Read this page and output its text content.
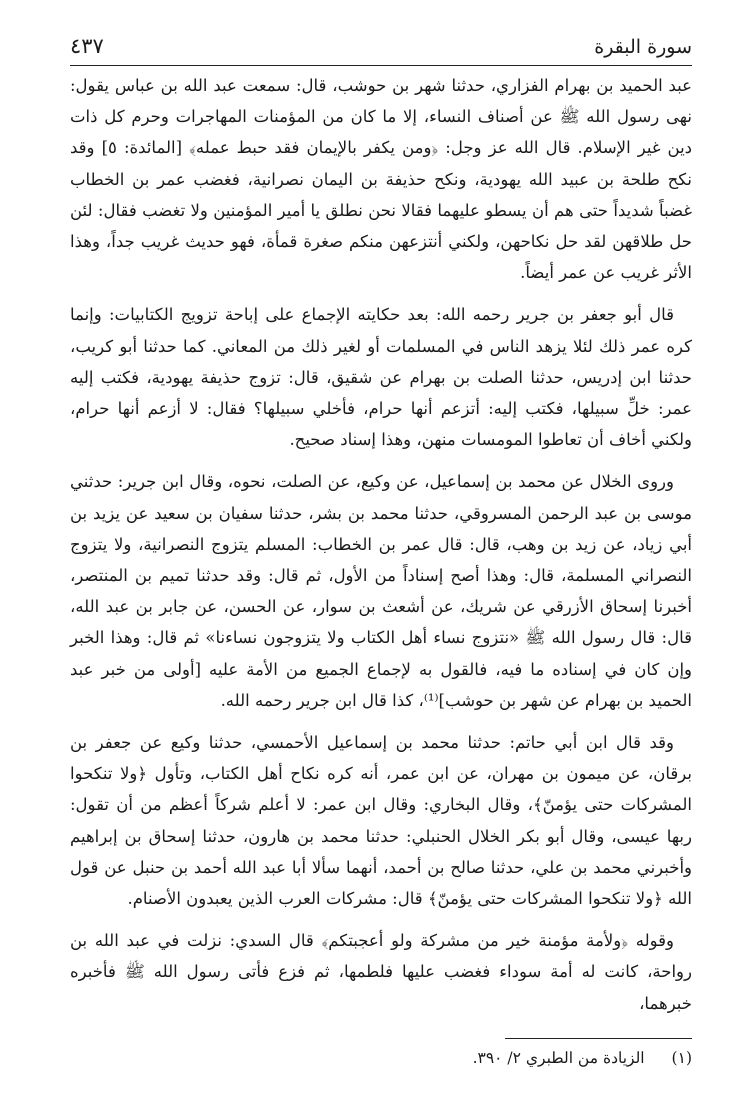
سورة البقرة
٤٣٧

عبد الحميد بن بهرام الفزاري، حدثنا شهر بن حوشب، قال: سمعت عبد الله بن عباس يقول: نهى رسول الله ﷺ عن أصناف النساء، إلا ما كان من المؤمنات المهاجرات وحرم كل ذات دين غير الإسلام. قال الله عز وجل: ﴿ومن يكفر بالإيمان فقد حبط عمله﴾ [المائدة: ٥] وقد نكح طلحة بن عبيد الله يهودية، ونكح حذيفة بن اليمان نصرانية، فغضب عمر بن الخطاب غضباً شديداً حتى هم أن يسطو عليهما فقالا نحن نطلق يا أمير المؤمنين ولا تغضب فقال: لئن حل طلاقهن لقد حل نكاحهن، ولكني أنتزعهن منكم صغرة قمأة، فهو حديث غريب جداً، وهذا الأثر غريب عن عمر أيضاً.

قال أبو جعفر بن جرير رحمه الله: بعد حكايته الإجماع على إباحة تزويج الكتابيات: وإنما كره عمر ذلك لئلا يزهد الناس في المسلمات أو لغير ذلك من المعاني. كما حدثنا أبو كريب، حدثنا ابن إدريس، حدثنا الصلت بن بهرام عن شقيق، قال: تزوج حذيفة يهودية، فكتب إليه عمر: خلِّ سبيلها، فكتب إليه: أتزعم أنها حرام، فأخلي سبيلها؟ فقال: لا أزعم أنها حرام، ولكني أخاف أن تعاطوا المومسات منهن، وهذا إسناد صحيح.

وروى الخلال عن محمد بن إسماعيل، عن وكيع، عن الصلت، نحوه، وقال ابن جرير: حدثني موسى بن عبد الرحمن المسروقي، حدثنا محمد بن بشر، حدثنا سفيان بن سعيد عن يزيد بن أبي زياد، عن زيد بن وهب، قال: قال عمر بن الخطاب: المسلم يتزوج النصرانية، ولا يتزوج النصراني المسلمة، قال: وهذا أصح إسناداً من الأول، ثم قال: وقد حدثنا تميم بن المنتصر، أخبرنا إسحاق الأزرقي عن شريك، عن أشعث بن سوار، عن الحسن، عن جابر بن عبد الله، قال: قال رسول الله ﷺ «نتزوج نساء أهل الكتاب ولا يتزوجون نساءنا» ثم قال: وهذا الخبر وإن كان في إسناده ما فيه، فالقول به لإجماع الجميع من الأمة عليه [أولى من خبر عبد الحميد بن بهرام عن شهر بن حوشب]⁽¹⁾، كذا قال ابن جرير رحمه الله.

وقد قال ابن أبي حاتم: حدثنا محمد بن إسماعيل الأحمسي، حدثنا وكيع عن جعفر بن برقان، عن ميمون بن مهران، عن ابن عمر، أنه كره نكاح أهل الكتاب، وتأول ﴿ولا تنكحوا المشركات حتى يؤمنّ﴾، وقال البخاري: وقال ابن عمر: لا أعلم شركاً أعظم من أن تقول: ربها عيسى، وقال أبو بكر الخلال الحنبلي: حدثنا محمد بن هارون، حدثنا إسحاق بن إبراهيم وأخبرني محمد بن علي، حدثنا صالح بن أحمد، أنهما سألا أبا عبد الله أحمد بن حنبل عن قول الله ﴿ولا تنكحوا المشركات حتى يؤمنّ﴾ قال: مشركات العرب الذين يعبدون الأصنام.

وقوله ﴿ولأمة مؤمنة خير من مشركة ولو أعجبتكم﴾ قال السدي: نزلت في عبد الله بن رواحة، كانت له أمة سوداء فغضب عليها فلطمها، ثم فزع فأتى رسول الله ﷺ فأخبره خبرهما،

(١) الزيادة من الطبري ٢/ ٣٩٠.
